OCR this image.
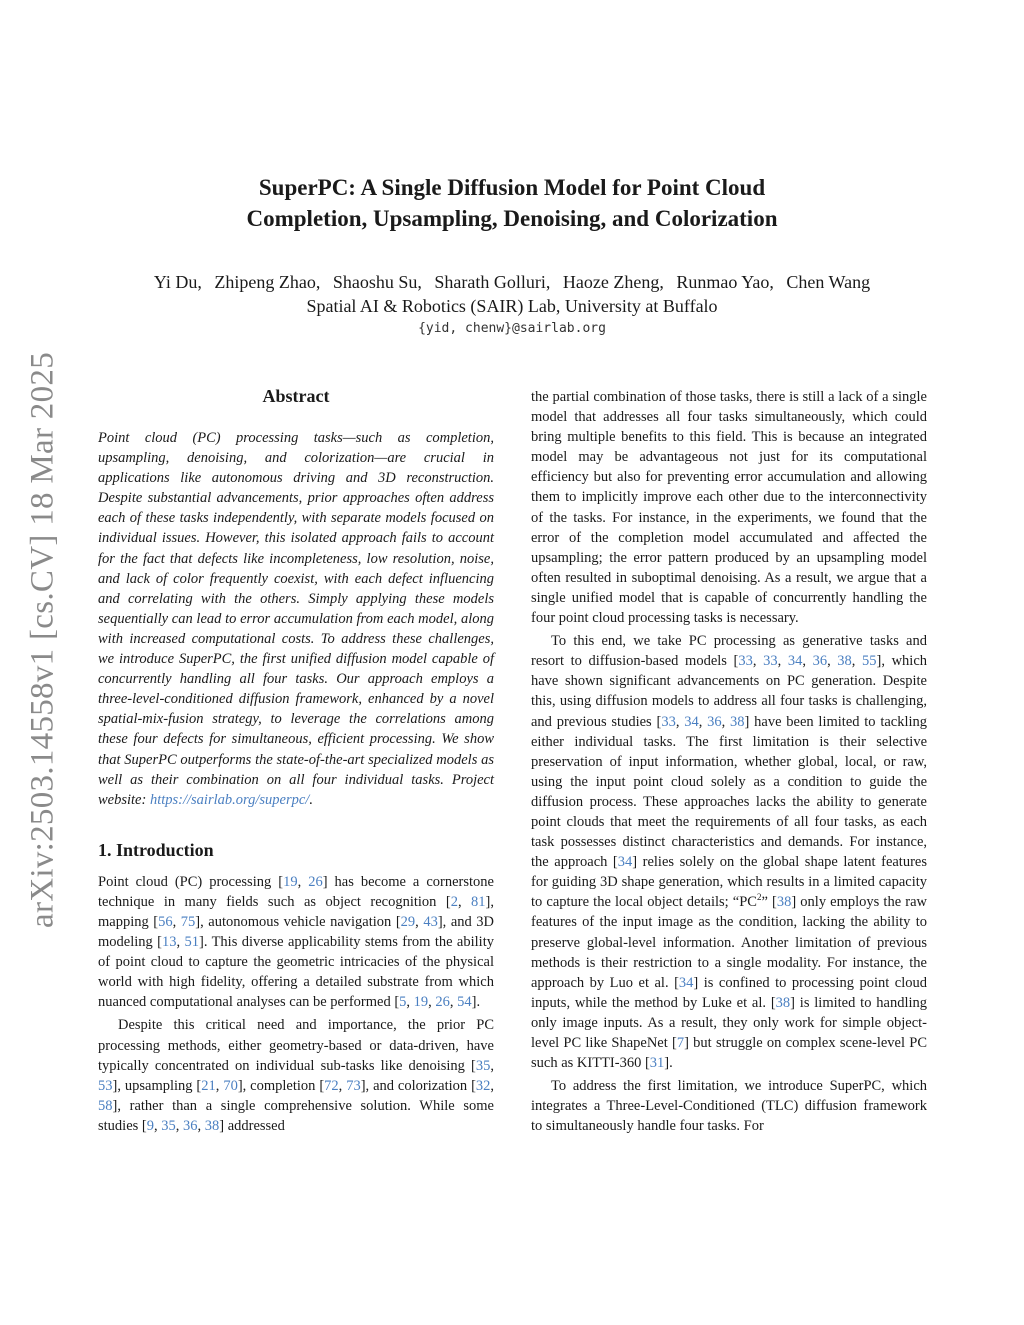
arXiv:2503.14558v1 [cs.CV] 18 Mar 2025
SuperPC: A Single Diffusion Model for Point Cloud
Completion, Upsampling, Denoising, and Colorization
Yi Du, Zhipeng Zhao, Shaoshu Su, Sharath Golluri, Haoze Zheng, Runmao Yao, Chen Wang
Spatial AI & Robotics (SAIR) Lab, University at Buffalo
{yid, chenw}@sairlab.org
Abstract

Point cloud (PC) processing tasks—such as completion, upsampling, denoising, and colorization—are crucial in applications like autonomous driving and 3D reconstruction. Despite substantial advancements, prior approaches often address each of these tasks independently, with separate models focused on individual issues. However, this isolated approach fails to account for the fact that defects like incompleteness, low resolution, noise, and lack of color frequently coexist, with each defect influencing and correlating with the others. Simply applying these models sequentially can lead to error accumulation from each model, along with increased computational costs. To address these challenges, we introduce SuperPC, the first unified diffusion model capable of concurrently handling all four tasks. Our approach employs a three-level-conditioned diffusion framework, enhanced by a novel spatial-mix-fusion strategy, to leverage the correlations among these four defects for simultaneous, efficient processing. We show that SuperPC outperforms the state-of-the-art specialized models as well as their combination on all four individual tasks. Project website: https://sairlab.org/superpc/.

1. Introduction

Point cloud (PC) processing [19, 26] has become a cornerstone technique in many fields such as object recognition [2, 81], mapping [56, 75], autonomous vehicle navigation [29, 43], and 3D modeling [13, 51]. This diverse applicability stems from the ability of point cloud to capture the geometric intricacies of the physical world with high fidelity, offering a detailed substrate from which nuanced computational analyses can be performed [5, 19, 26, 54].

Despite this critical need and importance, the prior PC processing methods, either geometry-based or data-driven, have typically concentrated on individual sub-tasks like denoising [35, 53], upsampling [21, 70], completion [72, 73], and colorization [32, 58], rather than a single comprehensive solution. While some studies [9, 35, 36, 38] addressed

the partial combination of those tasks, there is still a lack of a single model that addresses all four tasks simultaneously, which could bring multiple benefits to this field. This is because an integrated model may be advantageous not just for its computational efficiency but also for preventing error accumulation and allowing them to implicitly improve each other due to the interconnectivity of the tasks. For instance, in the experiments, we found that the error of the completion model accumulated and affected the upsampling; the error pattern produced by an upsampling model often resulted in suboptimal denoising. As a result, we argue that a single unified model that is capable of concurrently handling the four point cloud processing tasks is necessary.

To this end, we take PC processing as generative tasks and resort to diffusion-based models [33, 33, 34, 36, 38, 55], which have shown significant advancements on PC generation. Despite this, using diffusion models to address all four tasks is challenging, and previous studies [33, 34, 36, 38] have been limited to tackling either individual tasks. The first limitation is their selective preservation of input information, whether global, local, or raw, using the input point cloud solely as a condition to guide the diffusion process. These approaches lacks the ability to generate point clouds that meet the requirements of all four tasks, as each task possesses distinct characteristics and demands. For instance, the approach [34] relies solely on the global shape latent features for guiding 3D shape generation, which results in a limited capacity to capture the local object details; “$PC^2$” [38] only employs the raw features of the input image as the condition, lacking the ability to preserve global-level information. Another limitation of previous methods is their restriction to a single modality. For instance, the approach by Luo et al. [34] is confined to processing point cloud inputs, while the method by Luke et al. [38] is limited to handling only image inputs. As a result, they only work for simple object-level PC like ShapeNet [7] but struggle on complex scene-level PC such as KITTI-360 [31].

To address the first limitation, we introduce SuperPC, which integrates a Three-Level-Conditioned (TLC) diffusion framework to simultaneously handle four tasks. For
